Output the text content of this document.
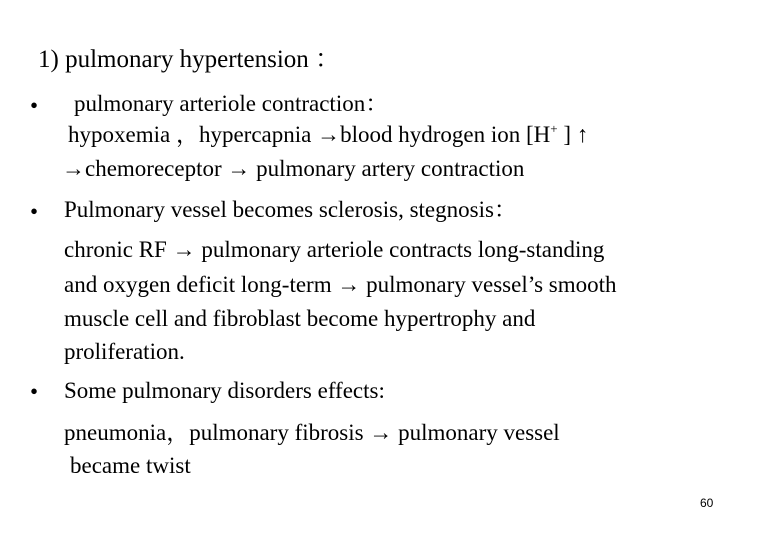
1) pulmonary hypertension ：
• pulmonary arteriole contraction：
hypoxemia ，hypercapnia →blood hydrogen ion [H+ ] ↑
→chemoreceptor → pulmonary artery contraction
• Pulmonary vessel becomes sclerosis, stegnosis：
chronic RF → pulmonary arteriole contracts long-standing
and oxygen deficit long-term → pulmonary vessel’s smooth
muscle cell and fibroblast become hypertrophy and
proliferation.
• Some pulmonary disorders effects:
pneumonia，pulmonary fibrosis → pulmonary vessel
became twist
60
